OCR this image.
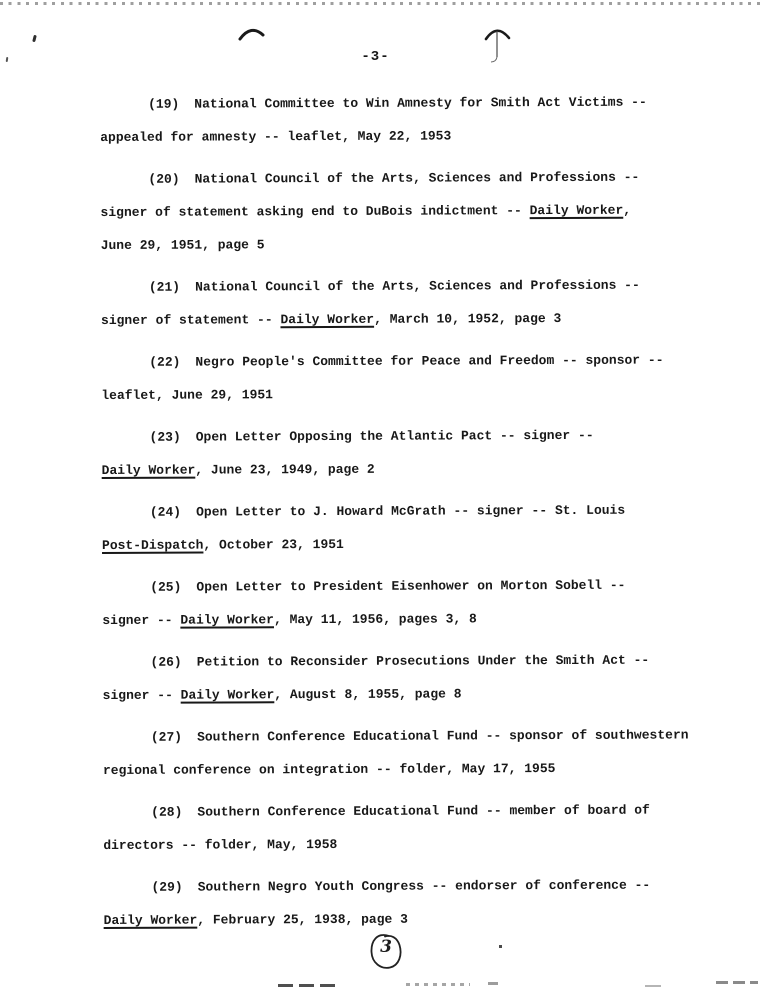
-3-

(19) National Committee to Win Amnesty for Smith Act Victims --
appealed for amnesty -- leaflet, May 22, 1953

(20) National Council of the Arts, Sciences and Professions --
signer of statement asking end to DuBois indictment -- Daily Worker,
June 29, 1951, page 5

(21) National Council of the Arts, Sciences and Professions --
signer of statement -- Daily Worker, March 10, 1952, page 3

(22) Negro People's Committee for Peace and Freedom -- sponsor --
leaflet, June 29, 1951

(23) Open Letter Opposing the Atlantic Pact -- signer --
Daily Worker, June 23, 1949, page 2

(24) Open Letter to J. Howard McGrath -- signer -- St. Louis
Post-Dispatch, October 23, 1951

(25) Open Letter to President Eisenhower on Morton Sobell --
signer -- Daily Worker, May 11, 1956, pages 3, 8

(26) Petition to Reconsider Prosecutions Under the Smith Act --
signer -- Daily Worker, August 8, 1955, page 8

(27) Southern Conference Educational Fund -- sponsor of southwestern
regional conference on integration -- folder, May 17, 1955

(28) Southern Conference Educational Fund -- member of board of
directors -- folder, May, 1958

(29) Southern Negro Youth Congress -- endorser of conference --
Daily Worker, February 25, 1938, page 3

3
